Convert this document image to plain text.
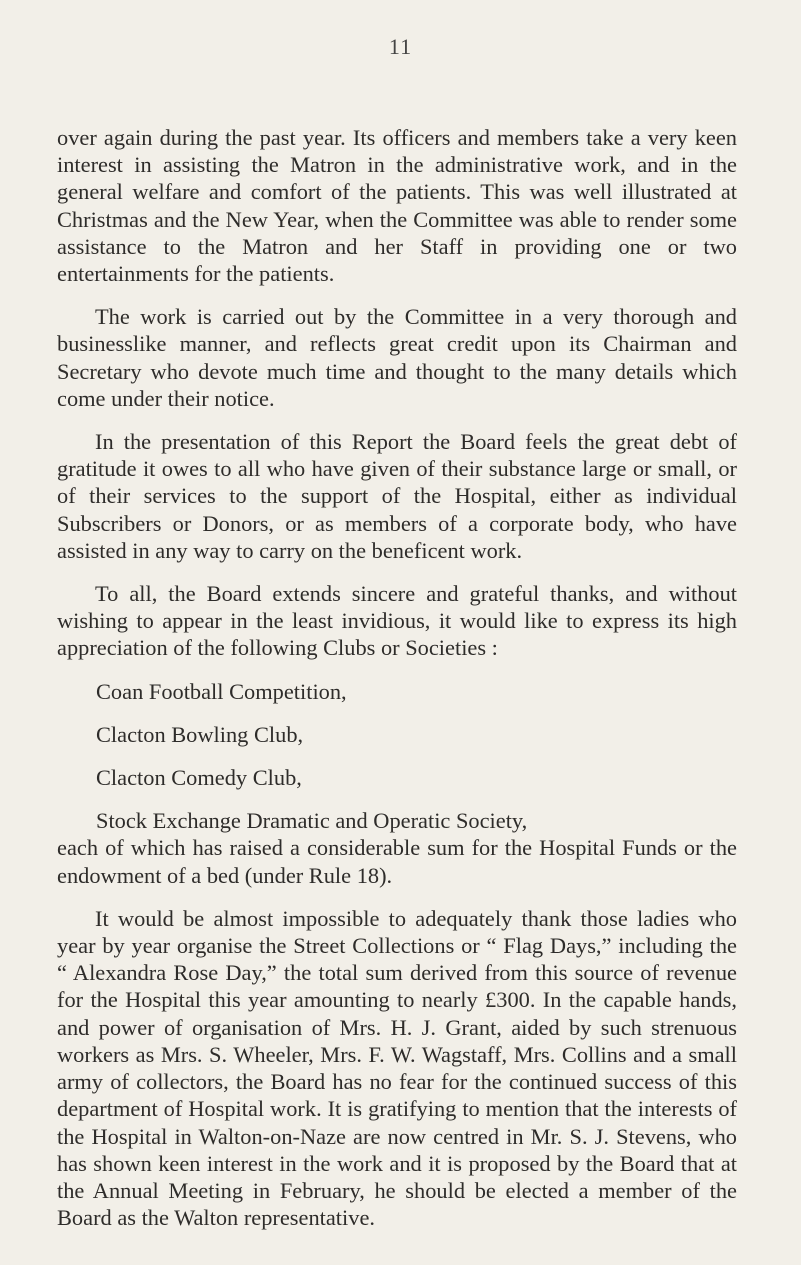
11

over again during the past year. Its officers and members take a very keen interest in assisting the Matron in the administrative work, and in the general welfare and comfort of the patients. This was well illustrated at Christmas and the New Year, when the Committee was able to render some assistance to the Matron and her Staff in providing one or two entertainments for the patients.

The work is carried out by the Committee in a very thorough and businesslike manner, and reflects great credit upon its Chairman and Secretary who devote much time and thought to the many details which come under their notice.

In the presentation of this Report the Board feels the great debt of gratitude it owes to all who have given of their substance large or small, or of their services to the support of the Hospital, either as individual Subscribers or Donors, or as members of a corporate body, who have assisted in any way to carry on the beneficent work.

To all, the Board extends sincere and grateful thanks, and without wishing to appear in the least invidious, it would like to express its high appreciation of the following Clubs or Societies :

Coan Football Competition,

Clacton Bowling Club,

Clacton Comedy Club,

Stock Exchange Dramatic and Operatic Society,

each of which has raised a considerable sum for the Hospital Funds or the endowment of a bed (under Rule 18).

It would be almost impossible to adequately thank those ladies who year by year organise the Street Collections or “ Flag Days,” including the “ Alexandra Rose Day,” the total sum derived from this source of revenue for the Hospital this year amounting to nearly £300. In the capable hands, and power of organisation of Mrs. H. J. Grant, aided by such strenuous workers as Mrs. S. Wheeler, Mrs. F. W. Wagstaff, Mrs. Collins and a small army of collectors, the Board has no fear for the continued success of this department of Hospital work. It is gratifying to mention that the interests of the Hospital in Walton-on-Naze are now centred in Mr. S. J. Stevens, who has shown keen interest in the work and it is proposed by the Board that at the Annual Meeting in February, he should be elected a member of the Board as the Walton representative.
